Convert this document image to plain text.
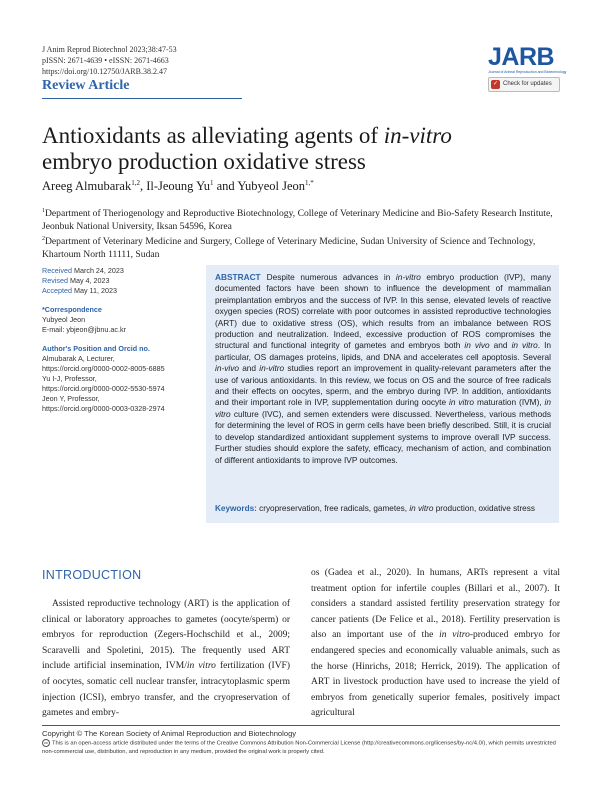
J Anim Reprod Biotechnol 2023;38:47-53
pISSN: 2671-4639 • eISSN: 2671-4663
https://doi.org/10.12750/JARB.38.2.47
Review Article
JARB
Journal of Animal Reproduction and Biotechnology
✓ Check for updates
Antioxidants as alleviating agents of in-vitro
embryo production oxidative stress
Areeg Almubarak$^{1,2}$, Il-Jeoung Yu$^1$ and Yubyeol Jeon$^{1,*}$
$^1$Department of Theriogenology and Reproductive Biotechnology, College of Veterinary Medicine and Bio-Safety Research Institute, Jeonbuk National University, Iksan 54596, Korea
$^2$Department of Veterinary Medicine and Surgery, College of Veterinary Medicine, Sudan University of Science and Technology, Khartoum North 11111, Sudan
Received March 24, 2023
Revised May 4, 2023
Accepted May 11, 2023
*Correspondence
Yubyeol Jeon
E-mail: ybjeon@jbnu.ac.kr
Author's Position and Orcid no.
Almubarak A, Lecturer,
https://orcid.org/0000-0002-8005-6885
Yu I-J, Professor,
https://orcid.org/0000-0002-5530-5974
Jeon Y, Professor,
https://orcid.org/0000-0003-0328-2974
ABSTRACT Despite numerous advances in in-vitro embryo production (IVP), many documented factors have been shown to influence the development of mammalian preimplantation embryos and the success of IVP. In this sense, elevated levels of reactive oxygen species (ROS) correlate with poor outcomes in assisted reproductive technologies (ART) due to oxidative stress (OS), which results from an imbalance between ROS production and neutralization. Indeed, excessive production of ROS compromises the structural and functional integrity of gametes and embryos both in vivo and in vitro. In particular, OS damages proteins, lipids, and DNA and accelerates cell apoptosis. Several in-vivo and in-vitro studies report an improvement in quality-relevant parameters after the use of various antioxidants. In this review, we focus on OS and the source of free radicals and their effects on oocytes, sperm, and the embryo during IVP. In addition, antioxidants and their important role in IVP, supplementation during oocyte in vitro maturation (IVM), in vitro culture (IVC), and semen extenders were discussed. Nevertheless, various methods for determining the level of ROS in germ cells have been briefly described. Still, it is crucial to develop standardized antioxidant supplement systems to improve overall IVP success. Further studies should explore the safety, efficacy, mechanism of action, and combination of different antioxidants to improve IVP outcomes.
Keywords: cryopreservation, free radicals, gametes, in vitro production, oxidative stress
INTRODUCTION
Assisted reproductive technology (ART) is the application of clinical or laboratory approaches to gametes (oocyte/sperm) or embryos for reproduction (Zegers-Hochschild et al., 2009; Scaravelli and Spoletini, 2015). The frequently used ART include artificial insemination, IVM/in vitro fertilization (IVF) of oocytes, somatic cell nuclear transfer, intracytoplasmic sperm injection (ICSI), embryo transfer, and the cryopreservation of gametes and embry-
os (Gadea et al., 2020). In humans, ARTs represent a vital treatment option for infertile couples (Billari et al., 2007). It considers a standard assisted fertility preservation strategy for cancer patients (De Felice et al., 2018). Fertility preservation is also an important use of the in vitro-produced embryo for endangered species and economically valuable animals, such as the horse (Hinrichs, 2018; Herrick, 2019). The application of ART in livestock production have used to increase the yield of embryos from genetically superior females, positively impact agricultural
Copyright © The Korean Society of Animal Reproduction and Biotechnology
cc This is an open-access article distributed under the terms of the Creative Commons Attribution Non-Commercial License (http://creativecommons.org/licenses/by-nc/4.0/), which permits unrestricted non-commercial use, distribution, and reproduction in any medium, provided the original work is properly cited.
